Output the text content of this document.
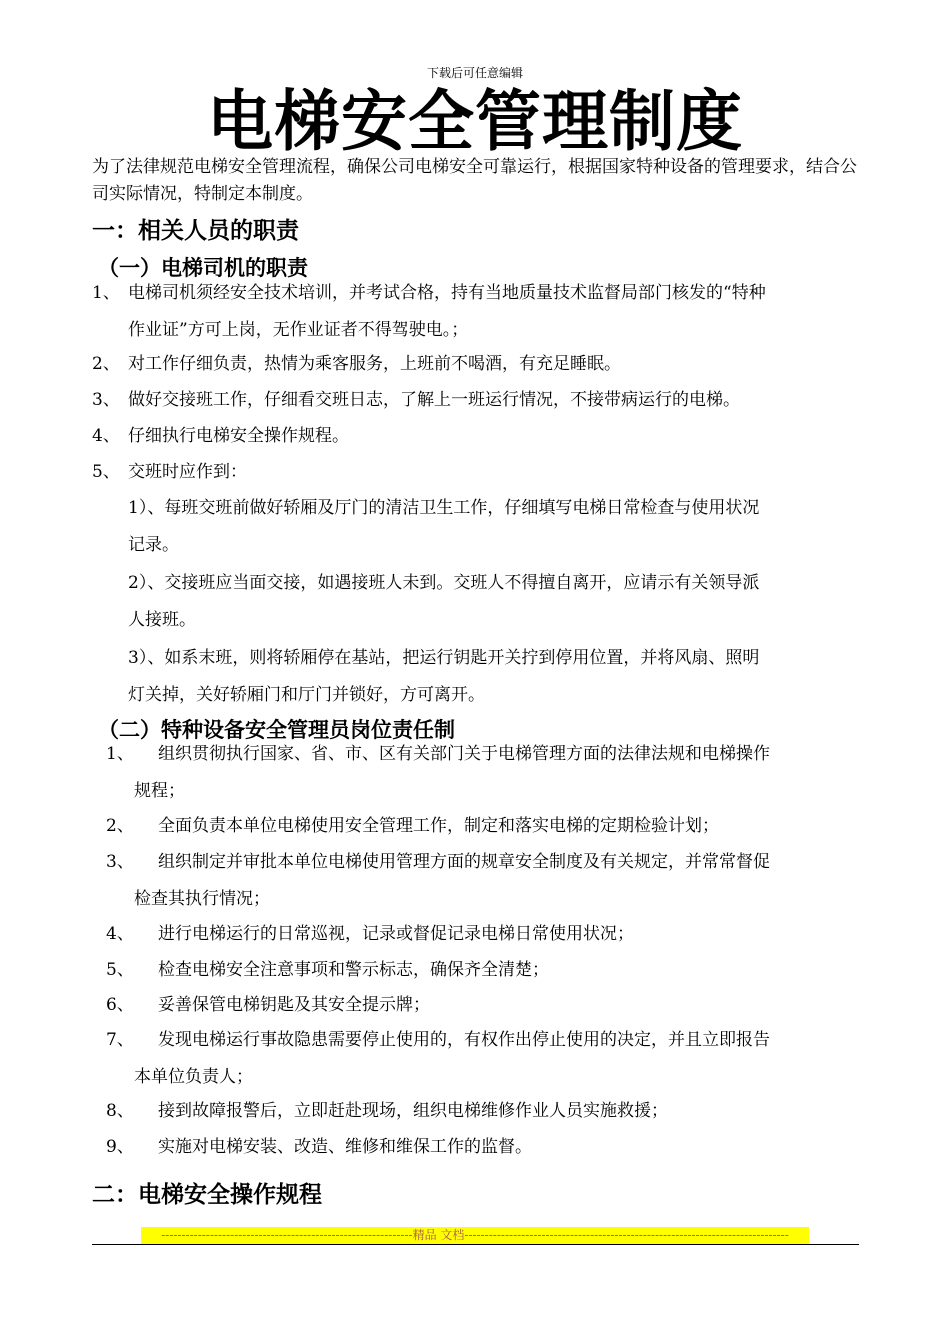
下载后可任意编辑
电梯安全管理制度
为了法律规范电梯安全管理流程，确保公司电梯安全可靠运行，根据国家特种设备的管理要求，结合公司实际情况，特制定本制度。
一：相关人员的职责
（一）电梯司机的职责
1、 电梯司机须经安全技术培训，并考试合格，持有当地质量技术监督局部门核发的“特种
作业证”方可上岗，无作业证者不得驾驶电。；
2、 对工作仔细负责，热情为乘客服务，上班前不喝酒，有充足睡眠。
3、 做好交接班工作，仔细看交班日志，了解上一班运行情况，不接带病运行的电梯。
4、 仔细执行电梯安全操作规程。
5、 交班时应作到：
1）、每班交班前做好轿厢及厅门的清洁卫生工作，仔细填写电梯日常检查与使用状况
记录。
2）、交接班应当面交接，如遇接班人未到。交班人不得擅自离开，应请示有关领导派
人接班。
3）、如系末班，则将轿厢停在基站，把运行钥匙开关拧到停用位置，并将风扇、照明
灯关掉，关好轿厢门和厅门并锁好，方可离开。
（二）特种设备安全管理员岗位责任制
1、	组织贯彻执行国家、省、市、区有关部门关于电梯管理方面的法律法规和电梯操作
规程；
2、	全面负责本单位电梯使用安全管理工作，制定和落实电梯的定期检验计划；
3、	组织制定并审批本单位电梯使用管理方面的规章安全制度及有关规定，并常常督促
检查其执行情况；
4、	进行电梯运行的日常巡视，记录或督促记录电梯日常使用状况；
5、	检查电梯安全注意事项和警示标志，确保齐全清楚；
6、	妥善保管电梯钥匙及其安全提示牌；
7、	发现电梯运行事故隐患需要停止使用的，有权作出停止使用的决定，并且立即报告
本单位负责人；
8、	接到故障报警后，立即赶赴现场，组织电梯维修作业人员实施救援；
9、	实施对电梯安装、改造、维修和维保工作的监督。
二：电梯安全操作规程
--------------------------------------------------------------精品 文档--------------------------------------------------------------------------------
